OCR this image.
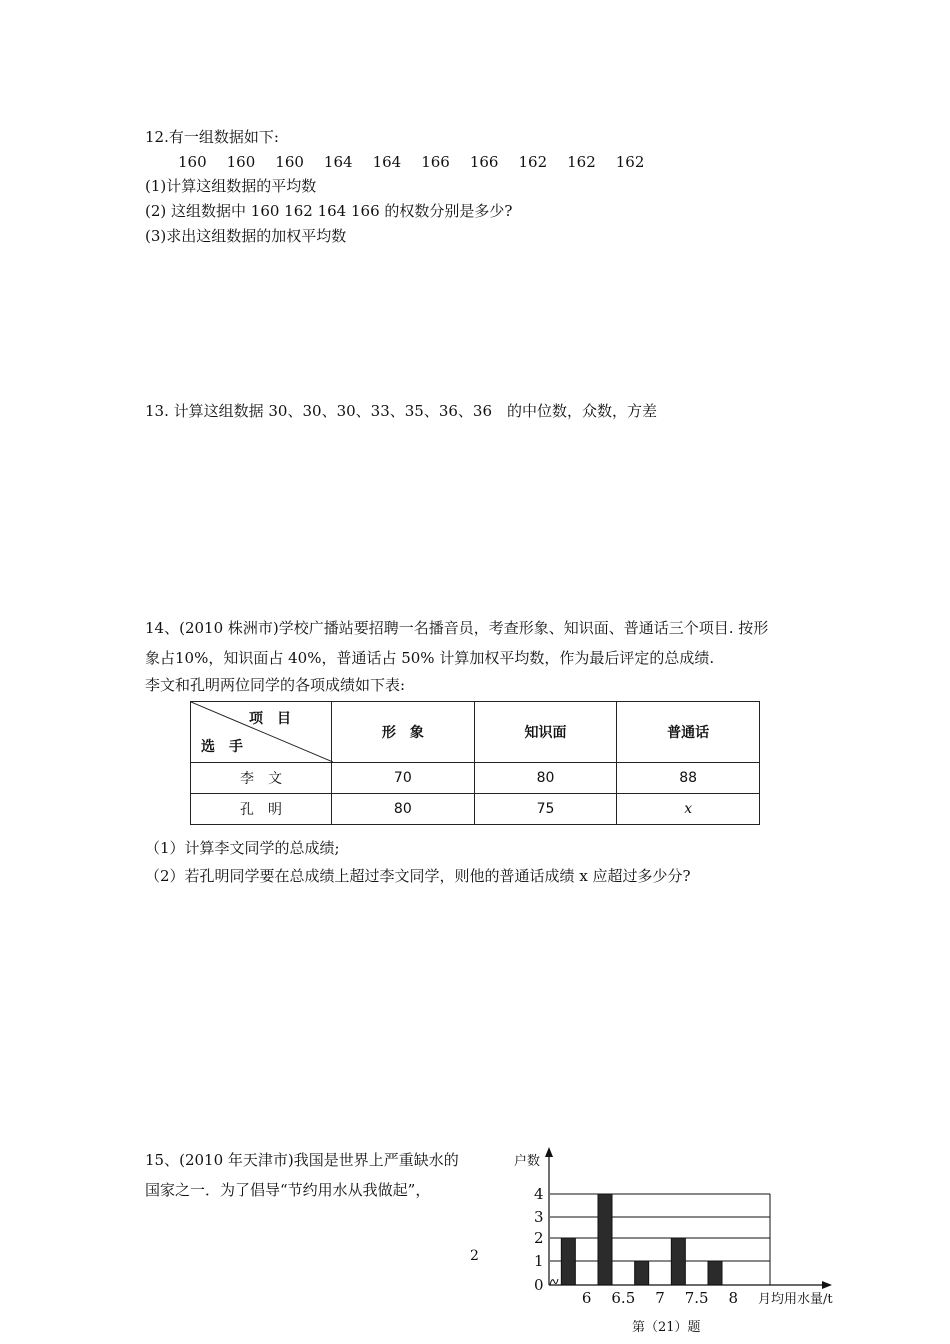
12.有一组数据如下:
160 160 160 164 164 166 166 162 162 162
(1)计算这组数据的平均数
(2) 这组数据中 160 162 164 166 的权数分别是多少?
(3)求出这组数据的加权平均数
13. 计算这组数据 30、30、30、33、35、36、36　的中位数，众数，方差
14、(2010 株洲市)学校广播站要招聘一名播音员，考查形象、知识面、普通话三个项目. 按形
象占10%，知识面占 40%，普通话占 50% 计算加权平均数，作为最后评定的总成绩.
李文和孔明两位同学的各项成绩如下表:
项　目
选　手	形　象	知识面	普通话
李　文	70	80	88
孔　明	80	75	x
（1）计算李文同学的总成绩;
（2）若孔明同学要在总成绩上超过李文同学，则他的普通话成绩 x 应超过多少分?
15、(2010 年天津市)我国是世界上严重缺水的
国家之一．为了倡导“节约用水从我做起”，
0
1
2
3
4
6 6.5 7 7.5 8
户数
月均用水量/t
第（21）题
2
